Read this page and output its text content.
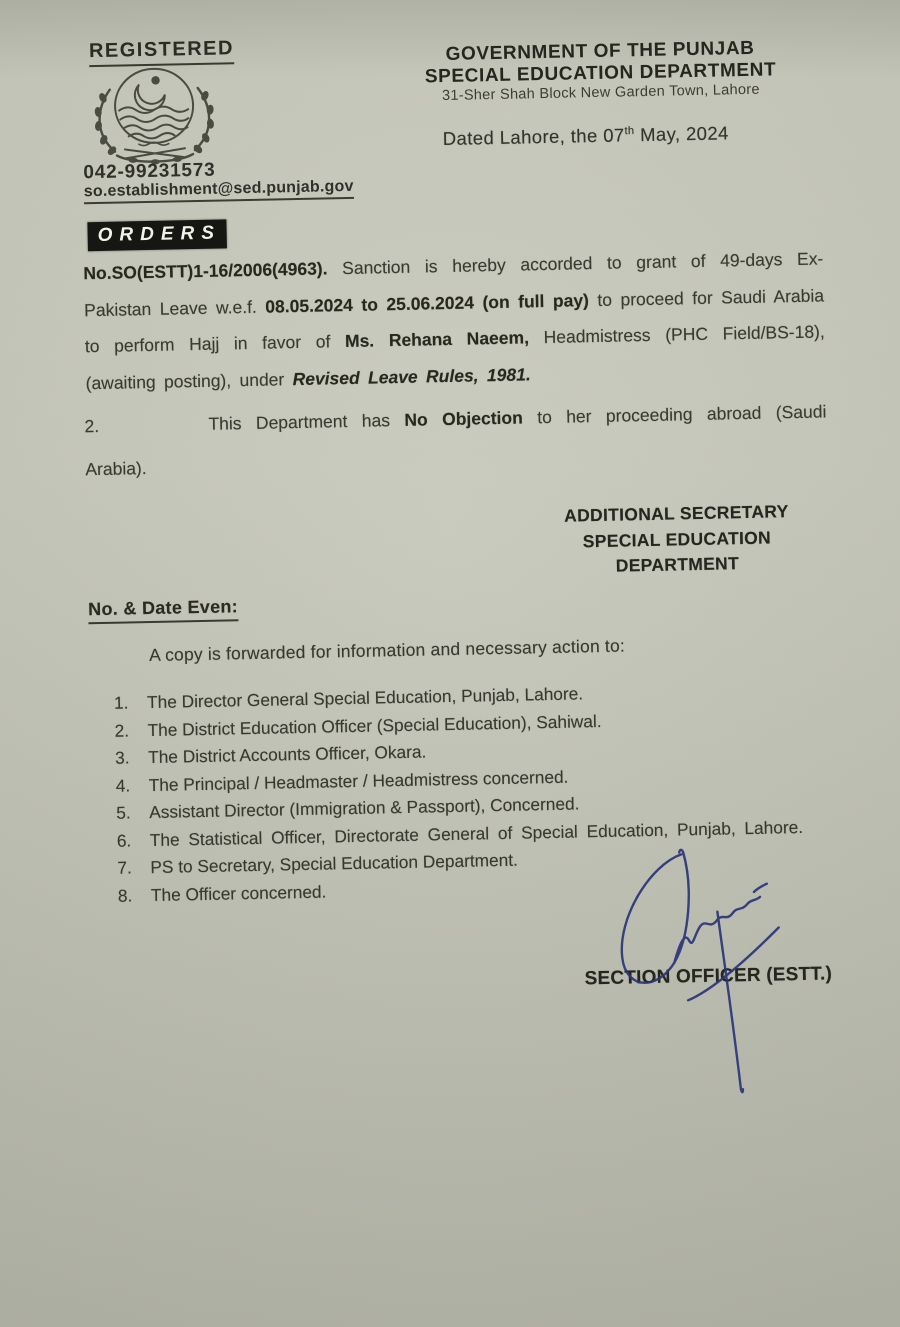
REGISTERED
042-99231573
so.establishment@sed.punjab.gov
GOVERNMENT OF THE PUNJAB
SPECIAL EDUCATION DEPARTMENT
31-Sher Shah Block New Garden Town, Lahore
Dated Lahore, the 07th May, 2024
ORDERS

No.SO(ESTT)1-16/2006(4963). Sanction is hereby accorded to grant of 49-days Ex-Pakistan Leave w.e.f. 08.05.2024 to 25.06.2024 (on full pay) to proceed for Saudi Arabia to perform Hajj in favor of Ms. Rehana Naeem, Headmistress (PHC Field/BS-18), (awaiting posting), under Revised Leave Rules, 1981.

2.	This Department has No Objection to her proceeding abroad (Saudi Arabia).

ADDITIONAL SECRETARY
SPECIAL EDUCATION
DEPARTMENT
No. & Date Even:
A copy is forwarded for information and necessary action to:
1.	The Director General Special Education, Punjab, Lahore.
2.	The District Education Officer (Special Education), Sahiwal.
3.	The District Accounts Officer, Okara.
4.	The Principal / Headmaster / Headmistress concerned.
5.	Assistant Director (Immigration & Passport), Concerned.
6.	The Statistical Officer, Directorate General of Special Education, Punjab, Lahore.
7.	PS to Secretary, Special Education Department.
8.	The Officer concerned.
SECTION OFFICER (ESTT.)
